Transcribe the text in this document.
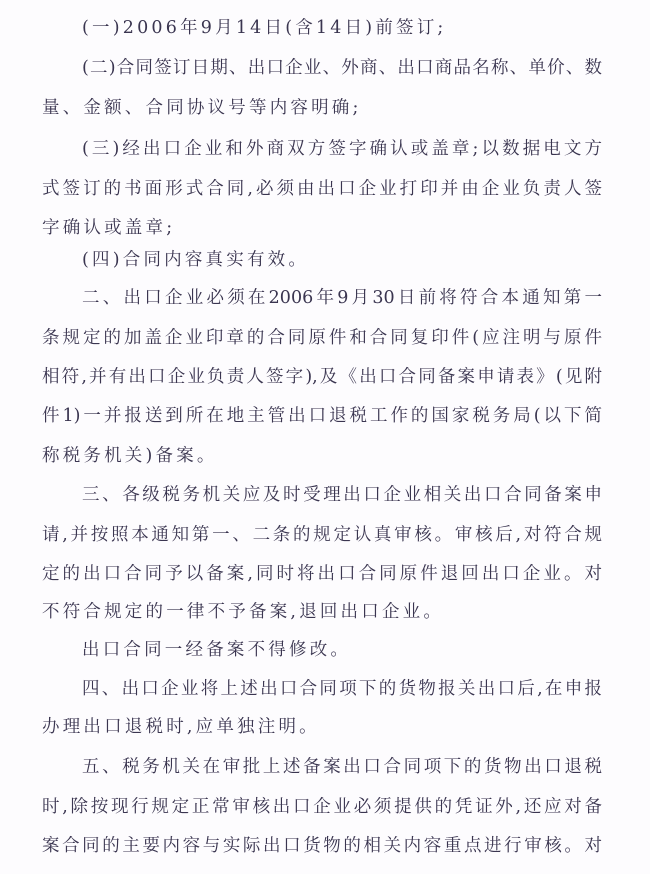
(一)2006年9月14日(含14日)前签订;
(二)合同签订日期、出口企业、外商、出口商品名称、单价、数
量、金额、合同协议号等内容明确;
(三)经出口企业和外商双方签字确认或盖章;以数据电文方
式签订的书面形式合同,必须由出口企业打印并由企业负责人签
字确认或盖章;
(四)合同内容真实有效。
二、出口企业必须在2006年9月30日前将符合本通知第一
条规定的加盖企业印章的合同原件和合同复印件(应注明与原件
相符,并有出口企业负责人签字),及《出口合同备案申请表》(见附
件1)一并报送到所在地主管出口退税工作的国家税务局(以下简
称税务机关)备案。
三、各级税务机关应及时受理出口企业相关出口合同备案申
请,并按照本通知第一、二条的规定认真审核。审核后,对符合规
定的出口合同予以备案,同时将出口合同原件退回出口企业。对
不符合规定的一律不予备案,退回出口企业。
出口合同一经备案不得修改。
四、出口企业将上述出口合同项下的货物报关出口后,在申报
办理出口退税时,应单独注明。
五、税务机关在审批上述备案出口合同项下的货物出口退税
时,除按现行规定正常审核出口企业必须提供的凭证外,还应对备
案合同的主要内容与实际出口货物的相关内容重点进行审核。对
